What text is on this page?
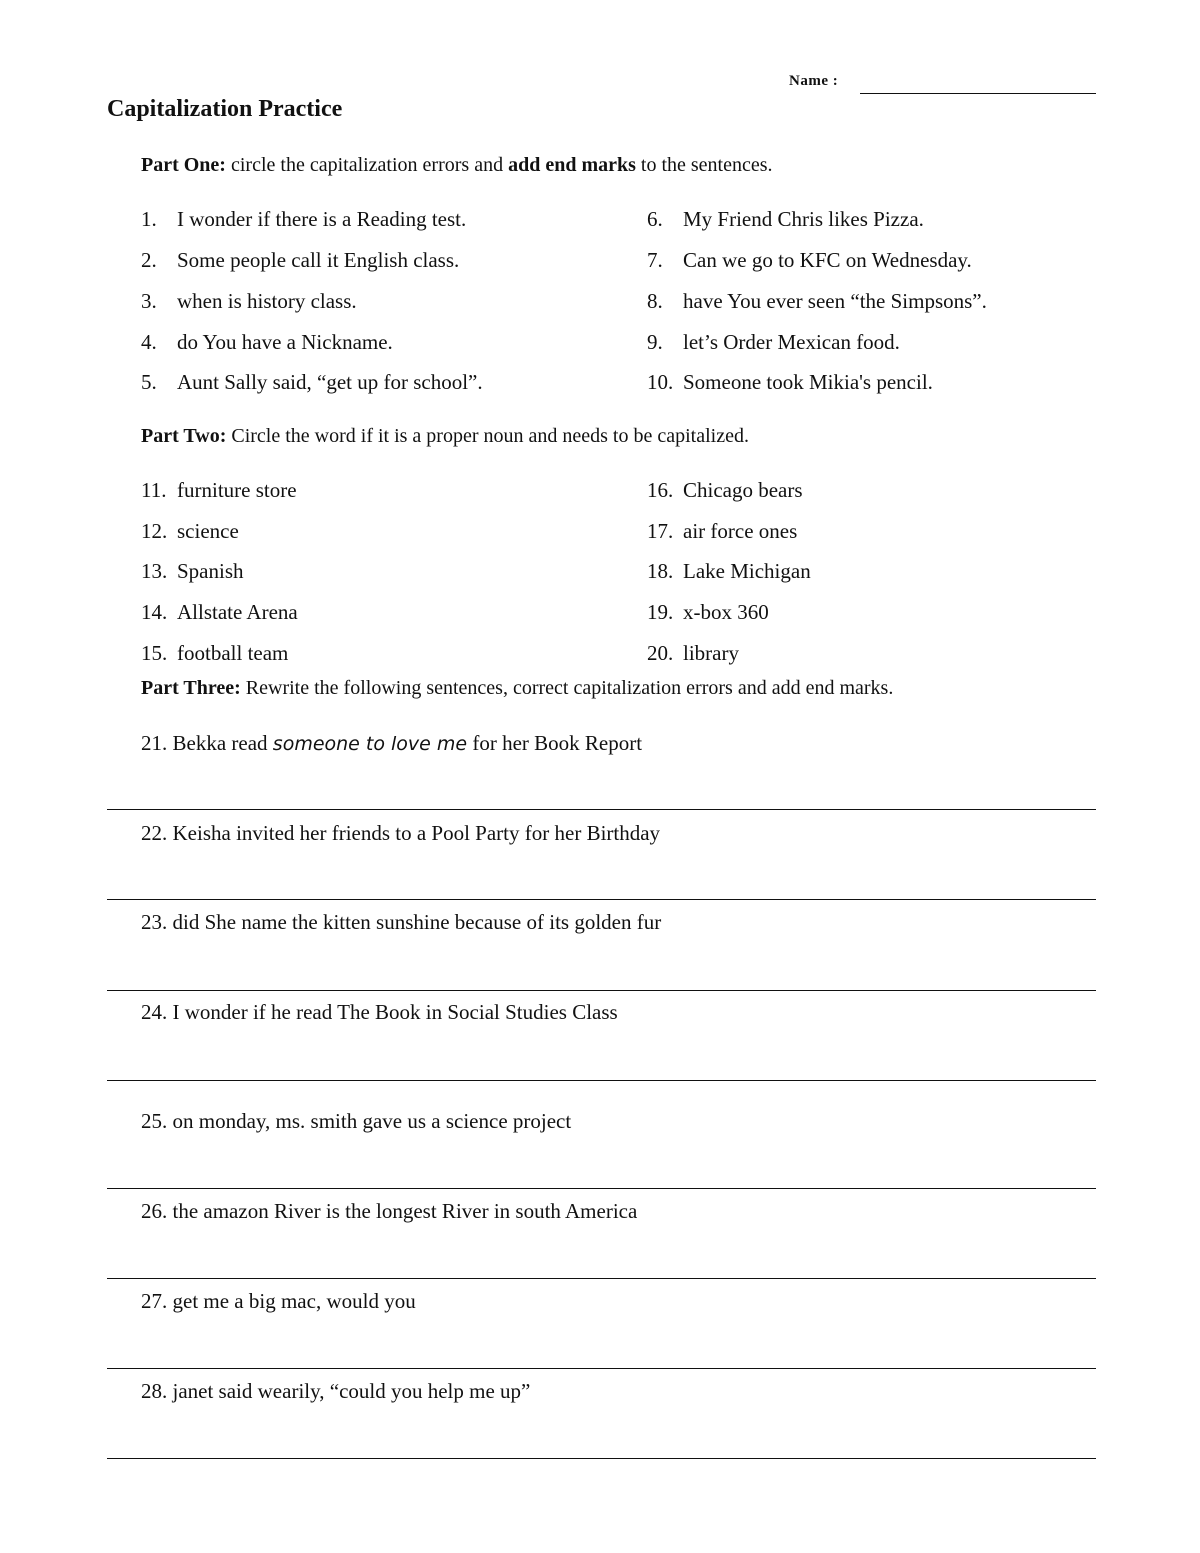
Name :
Capitalization Practice
Part One: circle the capitalization errors and add end marks to the sentences.
1. I wonder if there is a Reading test.
2. Some people call it English class.
3. when is history class.
4. do You have a Nickname.
5. Aunt Sally said, “get up for school”.
6. My Friend Chris likes Pizza.
7. Can we go to KFC on Wednesday.
8. have You ever seen “the Simpsons”.
9. let’s Order Mexican food.
10. Someone took Mikia's pencil.
Part Two: Circle the word if it is a proper noun and needs to be capitalized.
11. furniture store
12. science
13. Spanish
14. Allstate Arena
15. football team
16. Chicago bears
17. air force ones
18. Lake Michigan
19. x-box 360
20. library
Part Three: Rewrite the following sentences, correct capitalization errors and add end marks.
21. Bekka read someone to love me for her Book Report
22. Keisha invited her friends to a Pool Party for her Birthday
23. did She name the kitten sunshine because of its golden fur
24. I wonder if he read The Book in Social Studies Class
25. on monday, ms. smith gave us a science project
26. the amazon River is the longest River in south America
27. get me a big mac, would you
28. janet said wearily, “could you help me up”
